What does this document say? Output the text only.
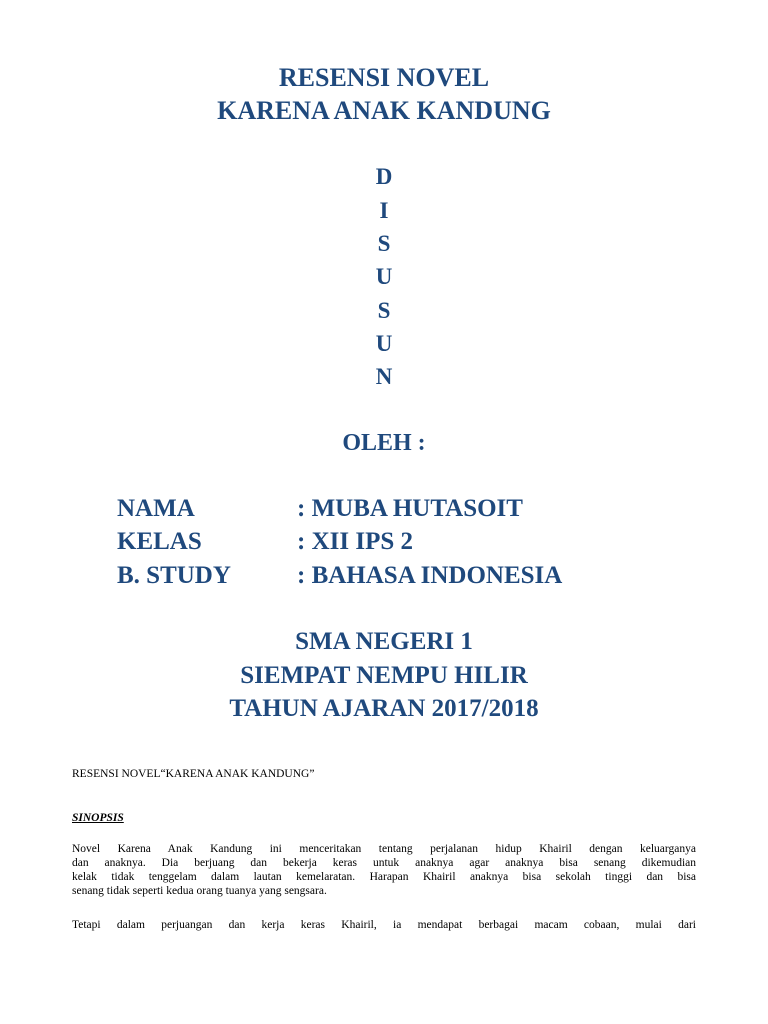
RESENSI NOVEL
KARENA ANAK KANDUNG
D
I
S
U
S
U
N
OLEH :
NAMA	: MUBA HUTASOIT
KELAS	: XII IPS 2
B. STUDY	: BAHASA INDONESIA
SMA NEGERI 1
SIEMPAT NEMPU HILIR
TAHUN AJARAN 2017/2018
RESENSI NOVEL“KARENA ANAK KANDUNG”
SINOPSIS
Novel Karena Anak Kandung ini menceritakan tentang perjalanan hidup Khairil dengan keluarganya
dan anaknya. Dia berjuang dan bekerja keras untuk anaknya agar anaknya bisa senang dikemudian
kelak tidak tenggelam dalam lautan kemelaratan. Harapan Khairil anaknya bisa sekolah tinggi dan bisa
senang tidak seperti kedua orang tuanya yang sengsara.
Tetapi dalam perjuangan dan kerja keras Khairil, ia mendapat berbagai macam cobaan, mulai dari
